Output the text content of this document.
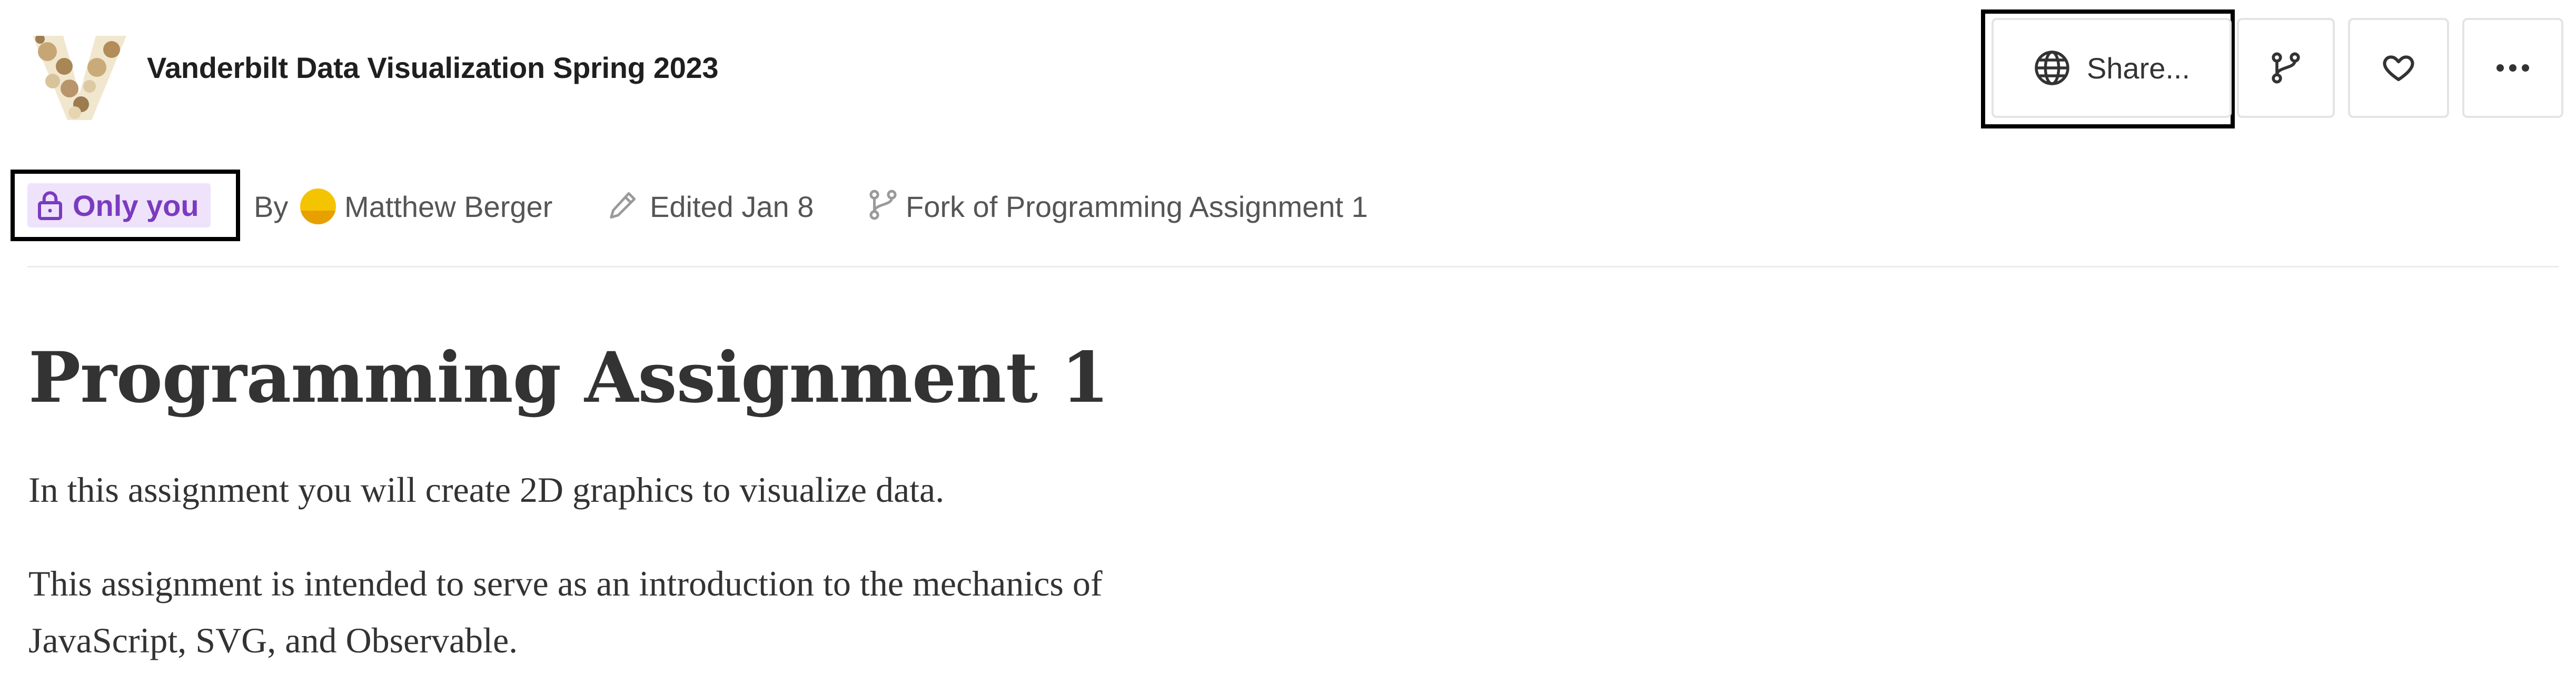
Vanderbilt Data Visualization Spring 2023	Share...
Only you By Matthew Berger	Edited Jan 8	Fork of Programming Assignment 1
Programming Assignment 1

In this assignment you will create 2D graphics to visualize data.

This assignment is intended to serve as an introduction to the mechanics of
JavaScript, SVG, and Observable.
